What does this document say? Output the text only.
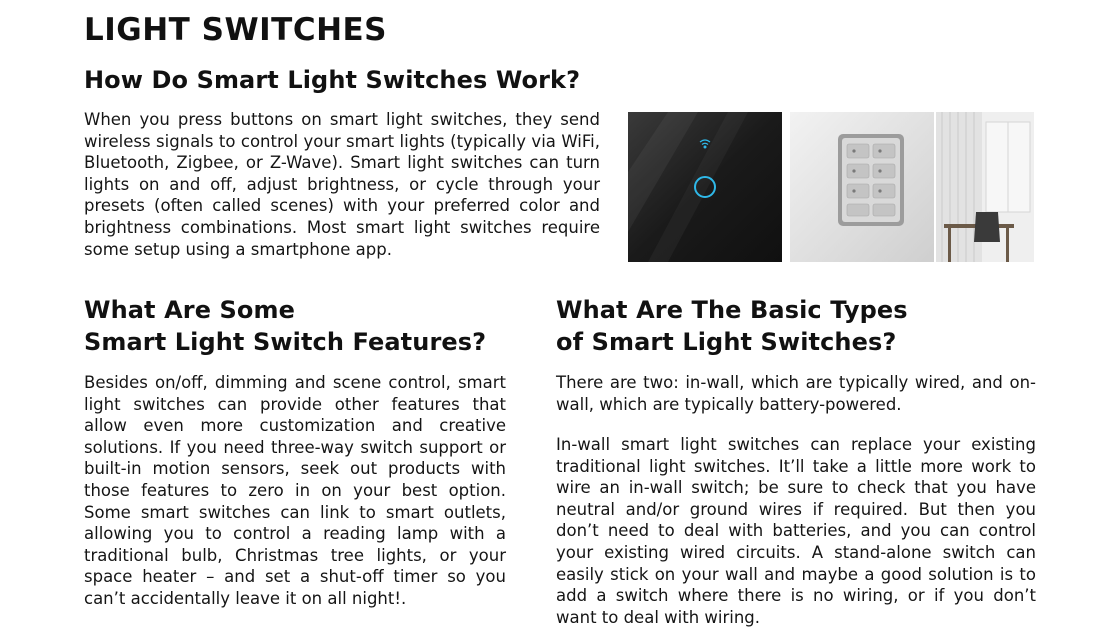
LIGHT SWITCHES
How Do Smart Light Switches Work?

When you press buttons on smart light switches, they send wireless signals to control your smart lights (typically via WiFi, Bluetooth, Zigbee, or Z-Wave). Smart light switches can turn lights on and off, adjust brightness, or cycle through your presets (often called scenes) with your preferred color and brightness combinations. Most smart light switches require some setup using a smartphone app.

What Are Some
Smart Light Switch Features?

Besides on/off, dimming and scene control, smart light switches can provide other features that allow even more customization and creative solutions. If you need three-way switch support or built-in motion sensors, seek out products with those features to zero in on your best option. Some smart switches can link to smart outlets, allowing you to control a reading lamp with a traditional bulb, Christmas tree lights, or your space heater – and set a shut-off timer so you can’t accidentally leave it on all night!.

What Are The Basic Types
of Smart Light Switches?

There are two: in-wall, which are typically wired, and on-wall, which are typically battery-powered.

In-wall smart light switches can replace your existing traditional light switches. It’ll take a little more work to wire an in-wall switch; be sure to check that you have neutral and/or ground wires if required. But then you don’t need to deal with batteries, and you can control your existing wired circuits. A stand-alone switch can easily stick on your wall and maybe a good solution is to add a switch where there is no wiring, or if you don’t want to deal with wiring.
